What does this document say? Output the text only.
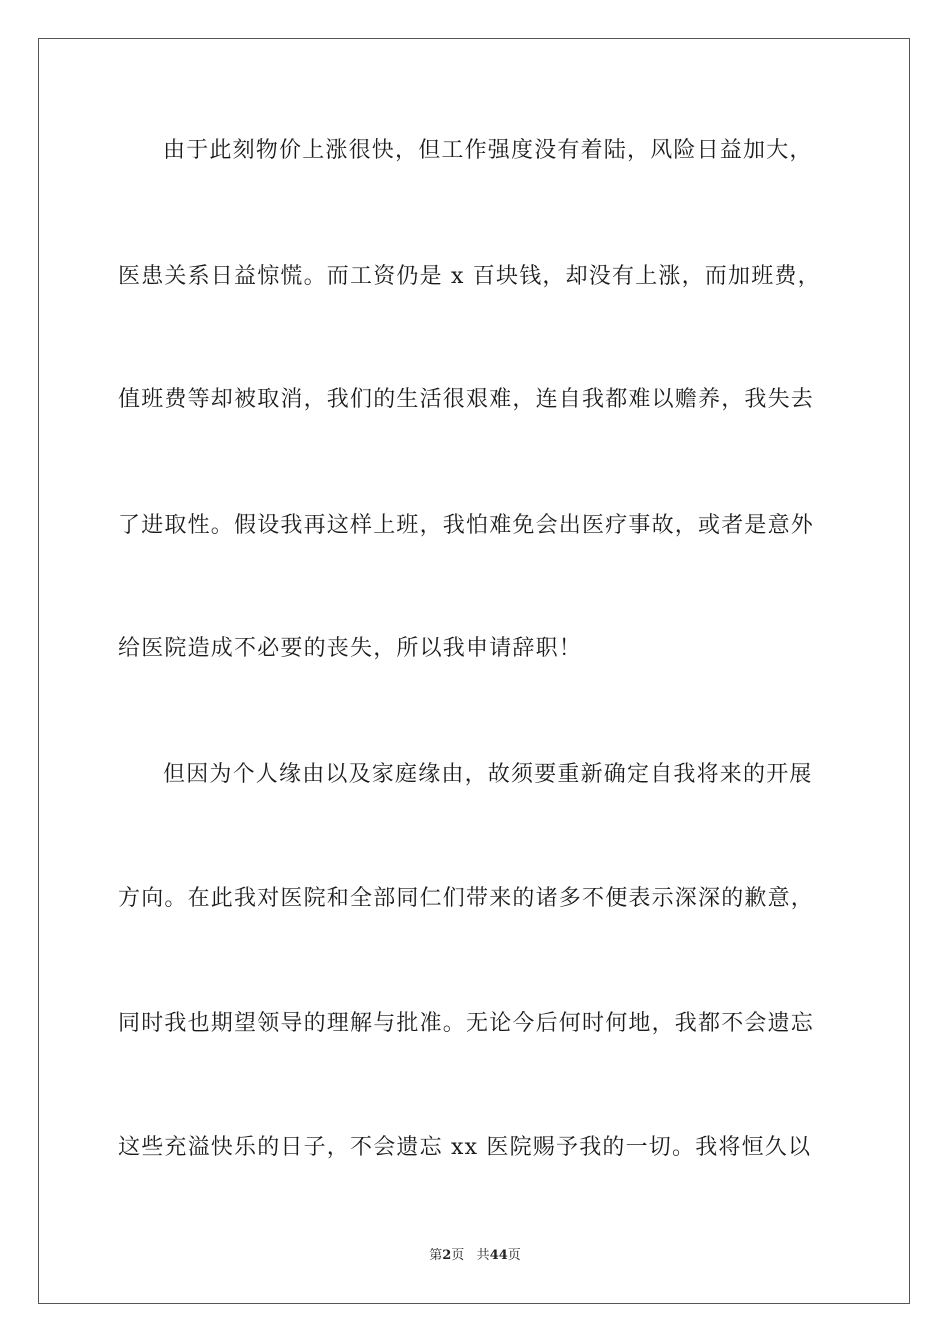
由于此刻物价上涨很快，但工作强度没有着陆，风险日益加大，
医患关系日益惊慌。而工资仍是 x 百块钱，却没有上涨，而加班费，
值班费等却被取消，我们的生活很艰难，连自我都难以赡养，我失去
了进取性。假设我再这样上班，我怕难免会出医疗事故，或者是意外
给医院造成不必要的丧失，所以我申请辞职！
但因为个人缘由以及家庭缘由，故须要重新确定自我将来的开展
方向。在此我对医院和全部同仁们带来的诸多不便表示深深的歉意，
同时我也期望领导的理解与批准。无论今后何时何地，我都不会遗忘
这些充溢快乐的日子，不会遗忘 xx 医院赐予我的一切。我将恒久以
第2页 共44页
